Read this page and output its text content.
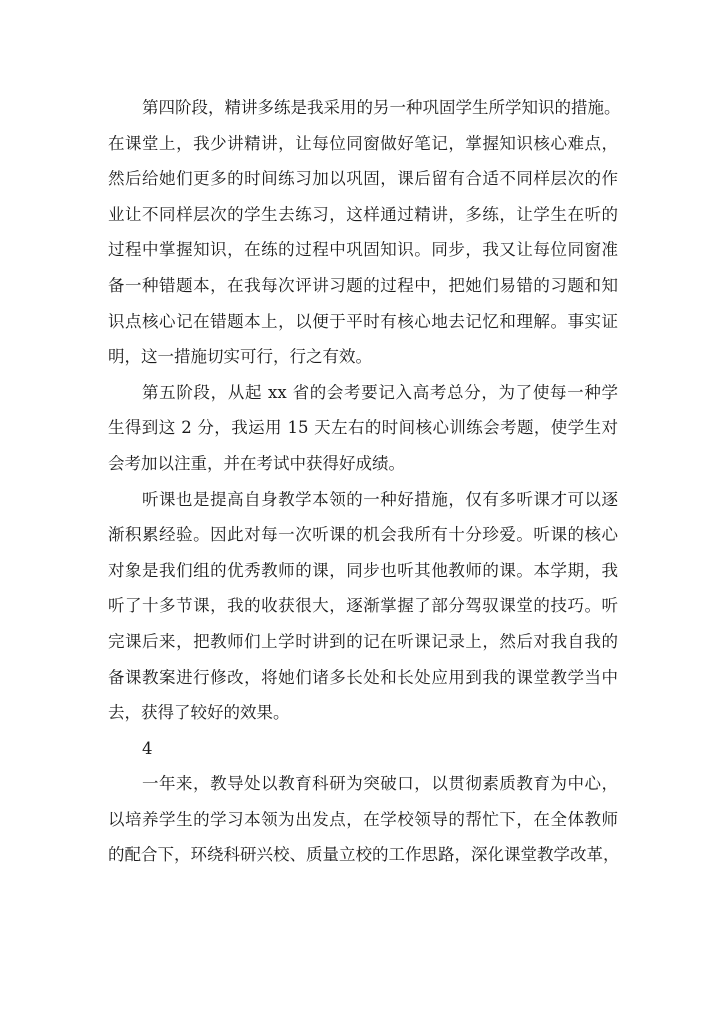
第四阶段，精讲多练是我采用的另一种巩固学生所学知识的措施。
在课堂上，我少讲精讲，让每位同窗做好笔记，掌握知识核心难点，
然后给她们更多的时间练习加以巩固，课后留有合适不同样层次的作
业让不同样层次的学生去练习，这样通过精讲，多练，让学生在听的
过程中掌握知识，在练的过程中巩固知识。同步，我又让每位同窗准
备一种错题本，在我每次评讲习题的过程中，把她们易错的习题和知
识点核心记在错题本上，以便于平时有核心地去记忆和理解。事实证
明，这一措施切实可行，行之有效。
第五阶段，从起 xx 省的会考要记入高考总分，为了使每一种学
生得到这 2 分，我运用 15 天左右的时间核心训练会考题，使学生对
会考加以注重，并在考试中获得好成绩。
听课也是提高自身教学本领的一种好措施，仅有多听课才可以逐
渐积累经验。因此对每一次听课的机会我所有十分珍爱。听课的核心
对象是我们组的优秀教师的课，同步也听其他教师的课。本学期，我
听了十多节课，我的收获很大，逐渐掌握了部分驾驭课堂的技巧。听
完课后来，把教师们上学时讲到的记在听课记录上，然后对我自我的
备课教案进行修改，将她们诸多长处和长处应用到我的课堂教学当中
去，获得了较好的效果。
4
一年来，教导处以教育科研为突破口，以贯彻素质教育为中心，
以培养学生的学习本领为出发点，在学校领导的帮忙下，在全体教师
的配合下，环绕科研兴校、质量立校的工作思路，深化课堂教学改革，
